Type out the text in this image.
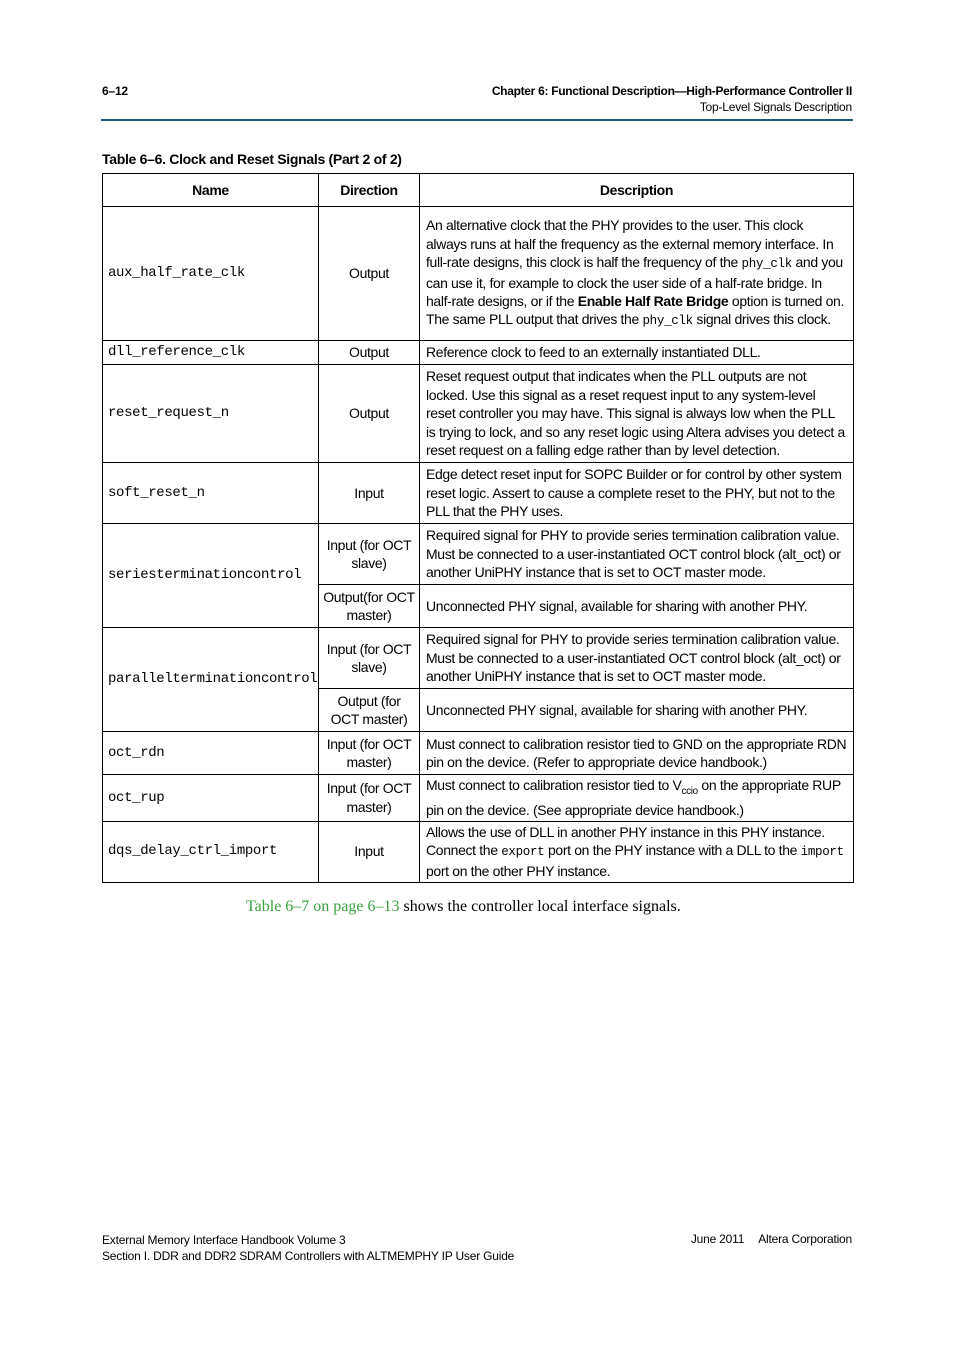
6–12	Chapter 6: Functional Description—High-Performance Controller II
Top-Level Signals Description
Table 6–6. Clock and Reset Signals (Part 2 of 2)
Name	Direction	Description
aux_half_rate_clk	Output	An alternative clock that the PHY provides to the user. This clock always runs at half the frequency as the external memory interface. In full-rate designs, this clock is half the frequency of the phy_clk and you can use it, for example to clock the user side of a half-rate bridge. In half-rate designs, or if the Enable Half Rate Bridge option is turned on. The same PLL output that drives the phy_clk signal drives this clock.
dll_reference_clk	Output	Reference clock to feed to an externally instantiated DLL.
reset_request_n	Output	Reset request output that indicates when the PLL outputs are not locked. Use this signal as a reset request input to any system-level reset controller you may have. This signal is always low when the PLL is trying to lock, and so any reset logic using Altera advises you detect a reset request on a falling edge rather than by level detection.
soft_reset_n	Input	Edge detect reset input for SOPC Builder or for control by other system reset logic. Assert to cause a complete reset to the PHY, but not to the PLL that the PHY uses.
seriesterminationcontrol	Input (for OCT slave)	Required signal for PHY to provide series termination calibration value. Must be connected to a user-instantiated OCT control block (alt_oct) or another UniPHY instance that is set to OCT master mode.
	Output(for OCT master)	Unconnected PHY signal, available for sharing with another PHY.
parallelterminationcontrol	Input (for OCT slave)	Required signal for PHY to provide series termination calibration value. Must be connected to a user-instantiated OCT control block (alt_oct) or another UniPHY instance that is set to OCT master mode.
	Output (for OCT master)	Unconnected PHY signal, available for sharing with another PHY.
oct_rdn	Input (for OCT master)	Must connect to calibration resistor tied to GND on the appropriate RDN pin on the device. (Refer to appropriate device handbook.)
oct_rup	Input (for OCT master)	Must connect to calibration resistor tied to $V_{ccio}$ on the appropriate RUP pin on the device. (See appropriate device handbook.)
dqs_delay_ctrl_import	Input	Allows the use of DLL in another PHY instance in this PHY instance. Connect the export port on the PHY instance with a DLL to the import port on the other PHY instance.
Table 6–7 on page 6–13 shows the controller local interface signals.
External Memory Interface Handbook Volume 3
Section I. DDR and DDR2 SDRAM Controllers with ALTMEMPHY IP User Guide
June 2011 Altera Corporation
